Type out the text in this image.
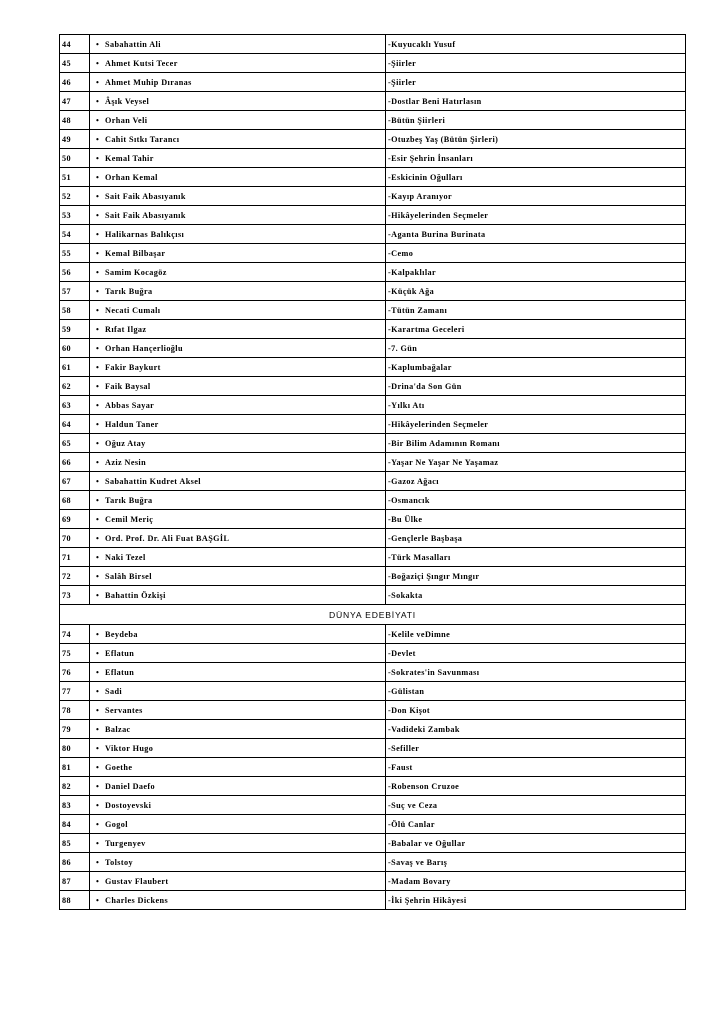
44	• Sabahattin Ali	-Kuyucaklı Yusuf
45	• Ahmet Kutsi Tecer	-Şiirler
46	• Ahmet Muhip Dıranas	-Şiirler
47	• Âşık Veysel	-Dostlar Beni Hatırlasın
48	• Orhan Veli	-Bütün Şiirleri
49	• Cahit Sıtkı Tarancı	-Otuzbeş Yaş (Bütün Şirleri)
50	• Kemal Tahir	-Esir Şehrin İnsanları
51	• Orhan Kemal	-Eskicinin Oğulları
52	• Sait Faik Abasıyanık	-Kayıp Aranıyor
53	• Sait Faik Abasıyanık	-Hikâyelerinden Seçmeler
54	• Halikarnas Balıkçısı	-Aganta Burina Burinata
55	• Kemal Bilbaşar	-Cemo
56	• Samim Kocagöz	-Kalpaklılar
57	• Tarık Buğra	-Küçük Ağa
58	• Necati Cumalı	-Tütün Zamanı
59	• Rıfat Ilgaz	-Karartma Geceleri
60	• Orhan Hançerlioğlu	-7. Gün
61	• Fakir Baykurt	-Kaplumbağalar
62	• Faik Baysal	-Drina'da Son Gün
63	• Abbas Sayar	-Yılkı Atı
64	• Haldun Taner	-Hikâyelerinden Seçmeler
65	• Oğuz Atay	-Bir Bilim Adamının Romanı
66	• Aziz Nesin	-Yaşar Ne Yaşar Ne Yaşamaz
67	• Sabahattin Kudret Aksel	-Gazoz Ağacı
68	• Tarık Buğra	-Osmancık
69	• Cemil Meriç	-Bu Ülke
70	• Ord. Prof. Dr. Ali Fuat BAŞGİL	-Gençlerle Başbaşa
71	• Naki Tezel	-Türk Masalları
72	• Salâh Birsel	-Boğaziçi Şıngır Mıngır
73	• Bahattin Özkişi	-Sokakta
DÜNYA EDEBİYATI		
74	• Beydeba	-Kelile veDimne
75	• Eflatun	-Devlet
76	• Eflatun	-Sokrates'in Savunması
77	• Sadi	-Gülistan
78	• Servantes	-Don Kişot
79	• Balzac	-Vadideki Zambak
80	• Viktor Hugo	-Sefiller
81	• Goethe	-Faust
82	• Daniel Daefo	-Robenson Cruzoe
83	• Dostoyevski	-Suç ve Ceza
84	• Gogol	-Ölü Canlar
85	• Turgenyev	-Babalar ve Oğullar
86	• Tolstoy	-Savaş ve Barış
87	• Gustav Flaubert	-Madam Bovary
88	• Charles Dickens	-İki Şehrin Hikâyesi
